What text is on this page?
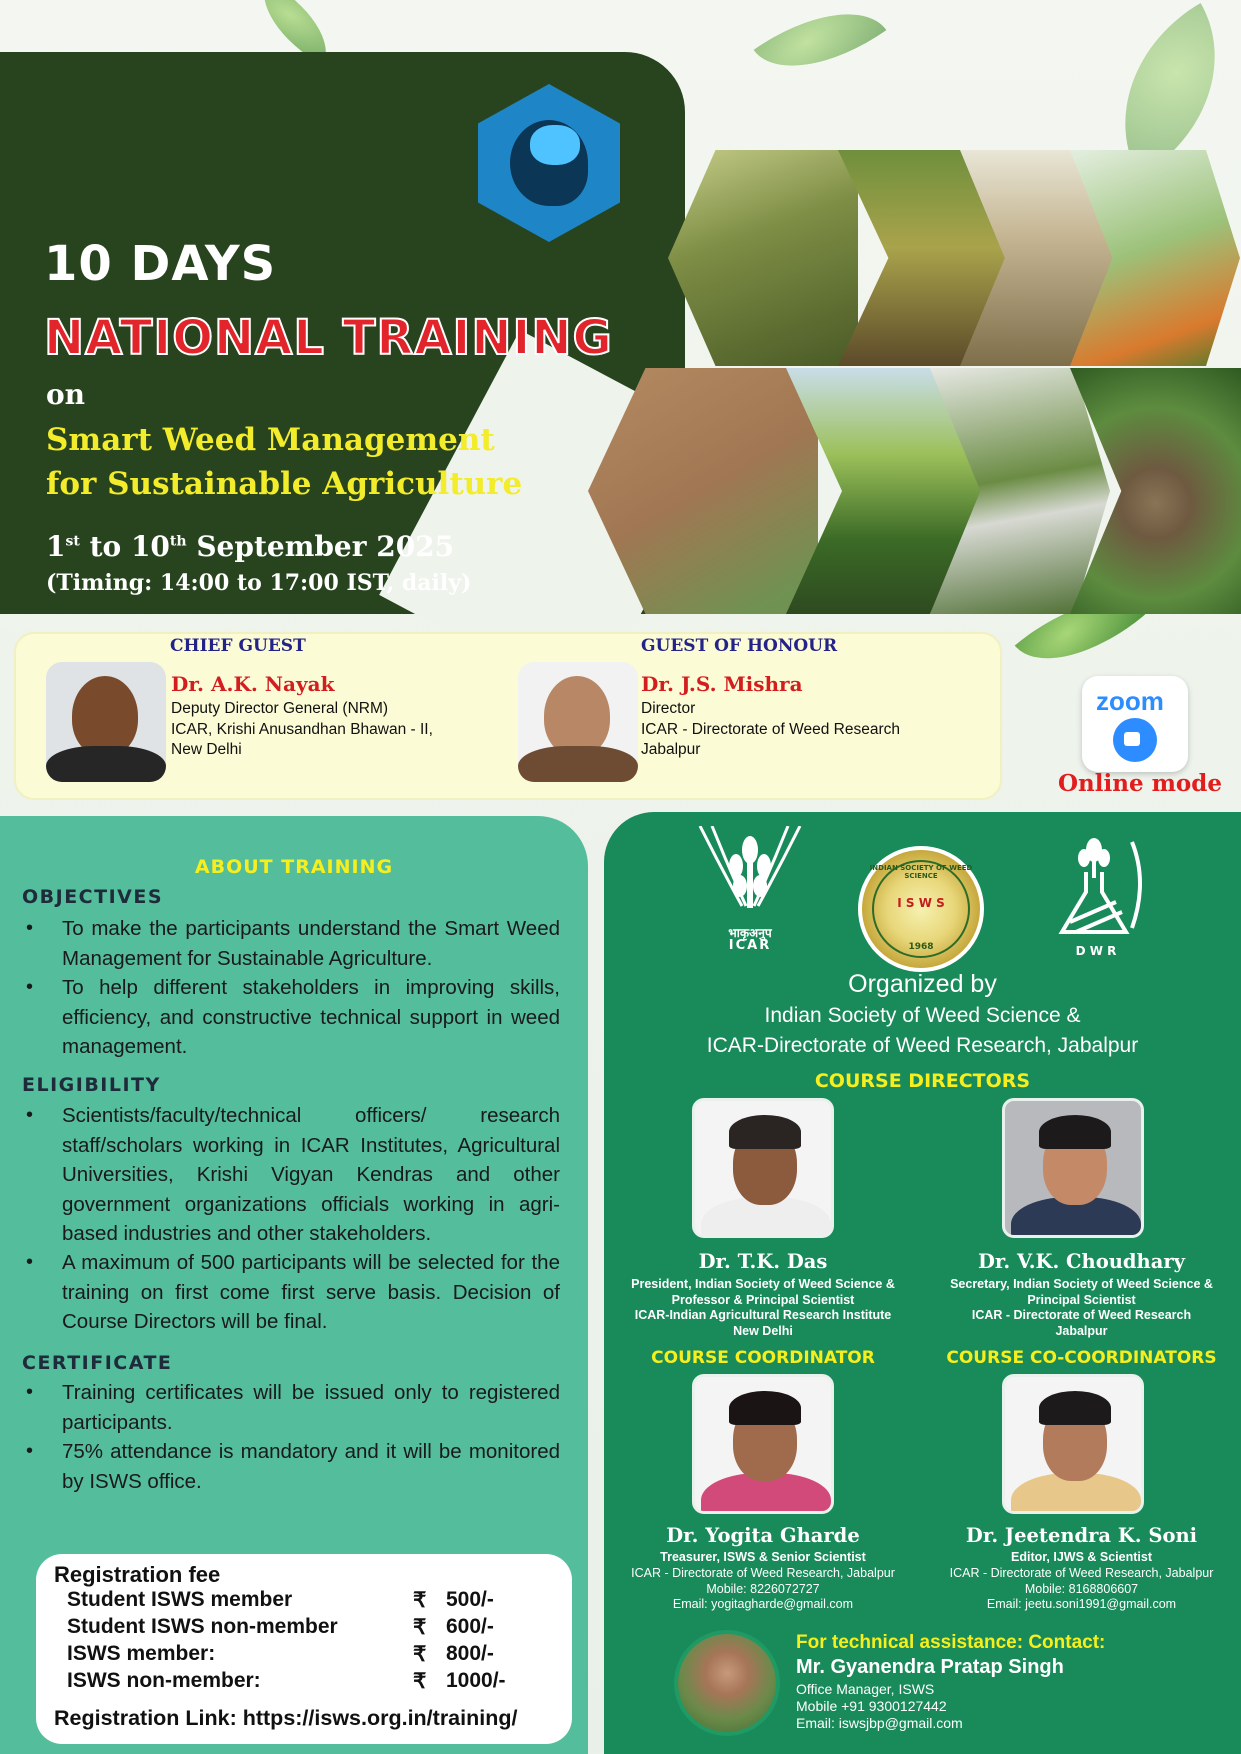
10 DAYS
NATIONAL TRAINING
on
Smart Weed Management
for Sustainable Agriculture
1st to 10th September 2025
(Timing: 14:00 to 17:00 IST, daily)
CHIEF GUEST
Dr. A.K. Nayak
Deputy Director General (NRM)
ICAR, Krishi Anusandhan Bhawan - II,
New Delhi
GUEST OF HONOUR
Dr. J.S. Mishra
Director
ICAR - Directorate of Weed Research
Jabalpur
zoom
Online mode
ABOUT TRAINING
OBJECTIVES
• To make the participants understand the Smart Weed Management for Sustainable Agriculture.
• To help different stakeholders in improving skills, efficiency, and constructive technical support in weed management.
ELIGIBILITY
• Scientists/faculty/technical officers/ research staff/scholars working in ICAR Institutes, Agricultural Universities, Krishi Vigyan Kendras and other government organizations officials working in agri-based industries and other stakeholders.
• A maximum of 500 participants will be selected for the training on first come first serve basis. Decision of Course Directors will be final.
CERTIFICATE
• Training certificates will be issued only to registered participants.
• 75% attendance is mandatory and it will be monitored by ISWS office.
Registration fee
Student ISWS member	₹ 500/-
Student ISWS non-member	₹ 600/-
ISWS member:	₹ 800/-
ISWS non-member:	₹ 1000/-
Registration Link: https://isws.org.in/training/
भाकृअनुप
ICAR
I S W S
INDIAN SOCIETY OF WEED SCIENCE
1968	D W R
Organized by
Indian Society of Weed Science &
ICAR-Directorate of Weed Research, Jabalpur
COURSE DIRECTORS
Dr. T.K. Das
President, Indian Society of Weed Science &
Professor & Principal Scientist
ICAR-Indian Agricultural Research Institute
New Delhi
Dr. V.K. Choudhary
Secretary, Indian Society of Weed Science &
Principal Scientist
ICAR - Directorate of Weed Research
Jabalpur
COURSE COORDINATOR	COURSE CO-COORDINATORS
Dr. Yogita Gharde
Treasurer, ISWS & Senior Scientist
ICAR - Directorate of Weed Research, Jabalpur
Mobile: 8226072727
Email: yogitagharde@gmail.com
Dr. Jeetendra K. Soni
Editor, IJWS & Scientist
ICAR - Directorate of Weed Research, Jabalpur
Mobile: 8168806607
Email: jeetu.soni1991@gmail.com
For technical assistance: Contact:
Mr. Gyanendra Pratap Singh
Office Manager, ISWS
Mobile +91 9300127442
Email: iswsjbp@gmail.com
